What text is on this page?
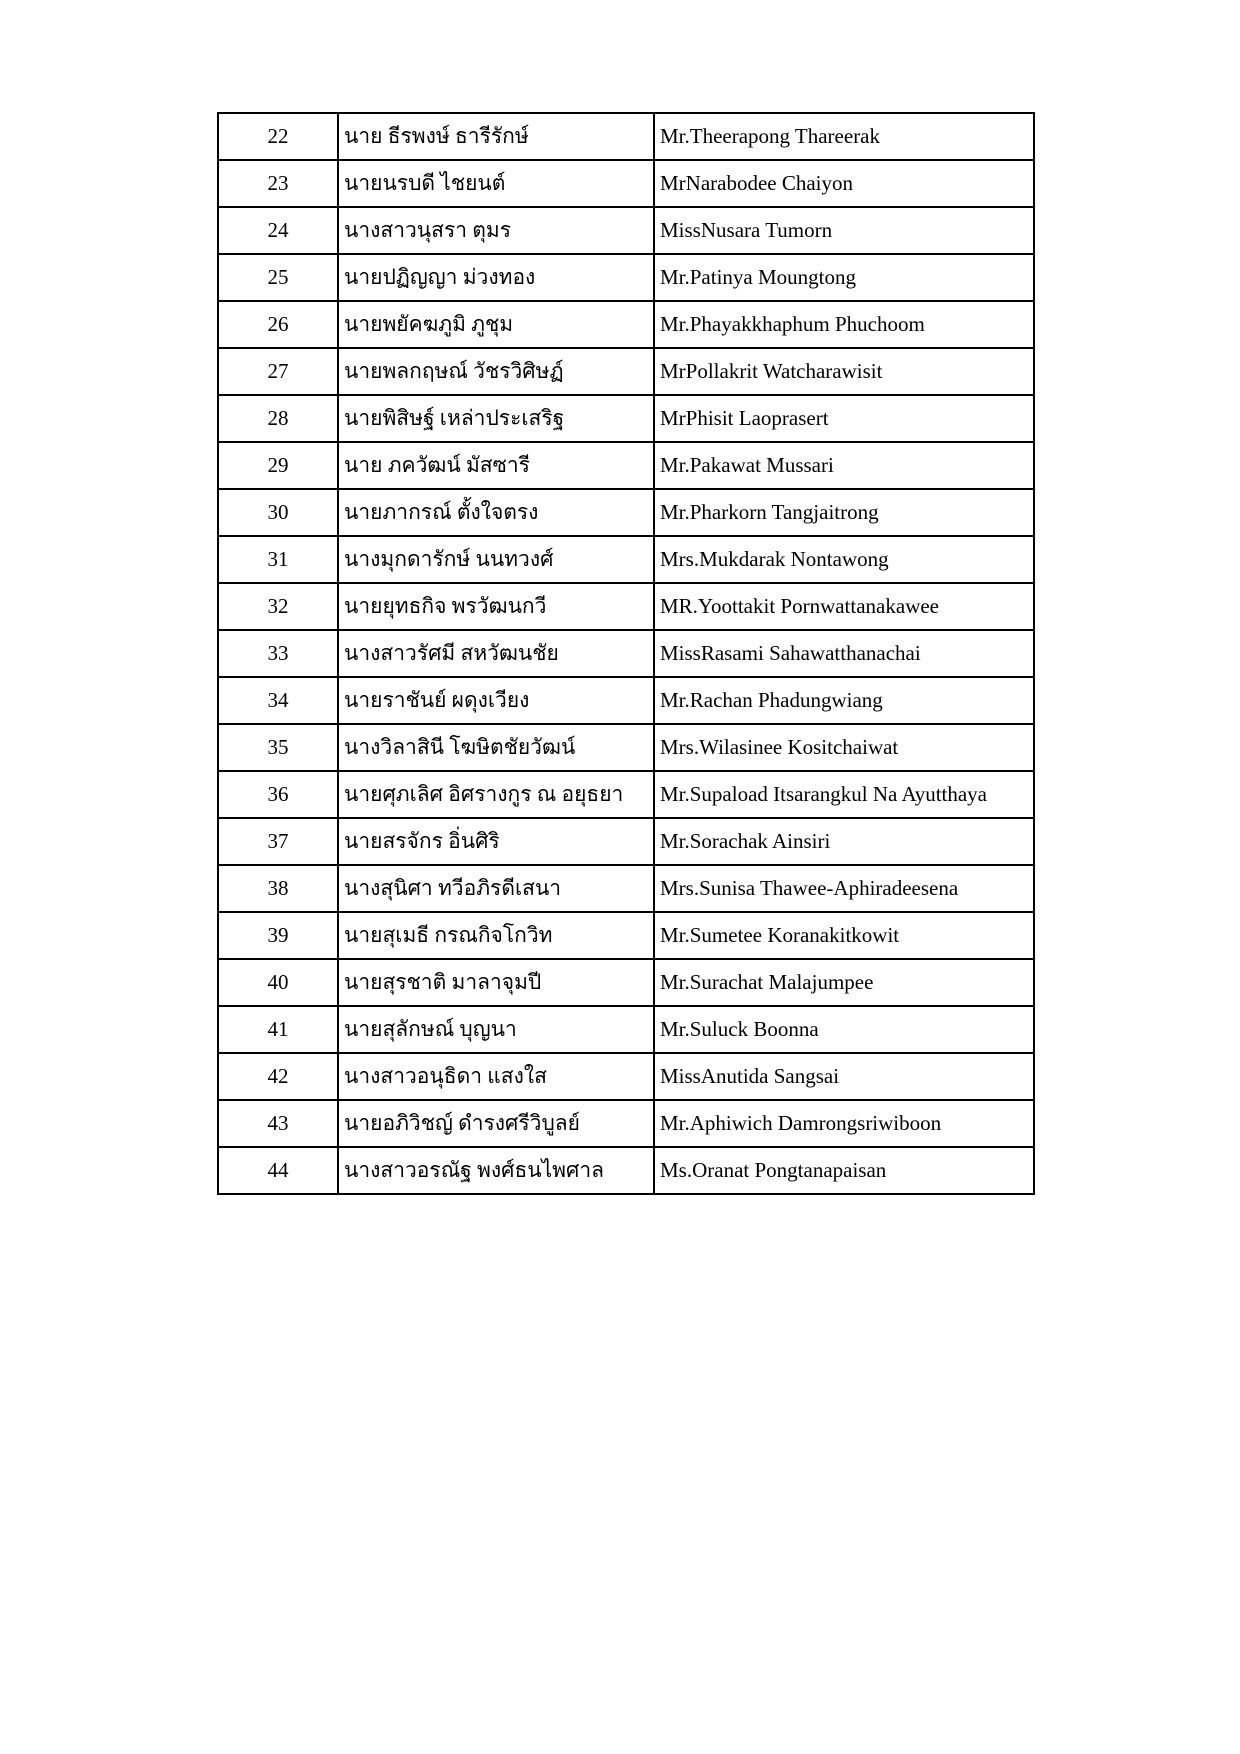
22	นาย ธีรพงษ์ ธารีรักษ์	Mr.Theerapong Thareerak
23	นายนรบดี ไชยนต์	MrNarabodee Chaiyon
24	นางสาวนุสรา ตุมร	MissNusara Tumorn
25	นายปฏิญญา ม่วงทอง	Mr.Patinya Moungtong
26	นายพยัคฆภูมิ ภูชุม	Mr.Phayakkhaphum Phuchoom
27	นายพลกฤษณ์ วัชรวิศิษฏ์	MrPollakrit Watcharawisit
28	นายพิสิษฐ์ เหล่าประเสริฐ	MrPhisit Laoprasert
29	นาย ภควัฒน์ มัสซารี	Mr.Pakawat Mussari
30	นายภากรณ์ ตั้งใจตรง	Mr.Pharkorn Tangjaitrong
31	นางมุกดารักษ์ นนทวงศ์	Mrs.Mukdarak Nontawong
32	นายยุทธกิจ พรวัฒนกวี	MR.Yoottakit Pornwattanakawee
33	นางสาวรัศมี สหวัฒนชัย	MissRasami Sahawatthanachai
34	นายราชันย์ ผดุงเวียง	Mr.Rachan Phadungwiang
35	นางวิลาสินี โฆษิตชัยวัฒน์	Mrs.Wilasinee Kositchaiwat
36	นายศุภเลิศ อิศรางกูร ณ อยุธยา	Mr.Supaload Itsarangkul Na Ayutthaya
37	นายสรจักร อิ่นศิริ	Mr.Sorachak Ainsiri
38	นางสุนิศา ทวีอภิรดีเสนา	Mrs.Sunisa Thawee-Aphiradeesena
39	นายสุเมธี กรณกิจโกวิท	Mr.Sumetee Koranakitkowit
40	นายสุรชาติ มาลาจุมปี	Mr.Surachat Malajumpee
41	นายสุลักษณ์ บุญนา	Mr.Suluck Boonna
42	นางสาวอนุธิดา แสงใส	MissAnutida Sangsai
43	นายอภิวิชญ์ ดำรงศรีวิบูลย์	Mr.Aphiwich Damrongsriwiboon
44	นางสาวอรณัฐ พงศ์ธนไพศาล	Ms.Oranat Pongtanapaisan
